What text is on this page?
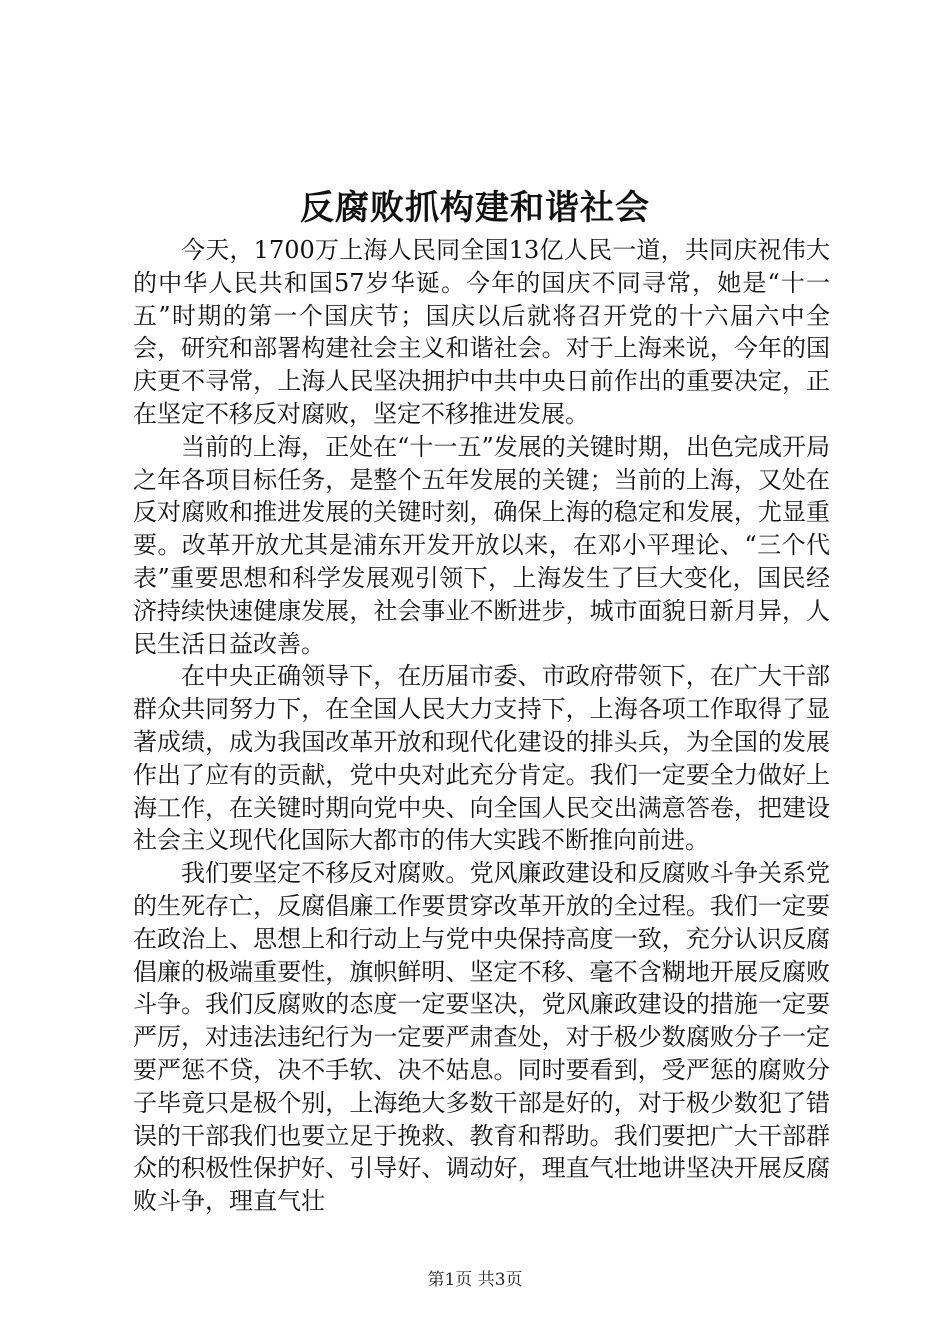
反腐败抓构建和谐社会

今天，1700万上海人民同全国13亿人民一道，共同庆祝伟大的中华人民共和国57岁华诞。今年的国庆不同寻常，她是“十一五”时期的第一个国庆节；国庆以后就将召开党的十六届六中全会，研究和部署构建社会主义和谐社会。对于上海来说，今年的国庆更不寻常，上海人民坚决拥护中共中央日前作出的重要决定，正在坚定不移反对腐败，坚定不移推进发展。

当前的上海，正处在“十一五”发展的关键时期，出色完成开局之年各项目标任务，是整个五年发展的关键；当前的上海，又处在反对腐败和推进发展的关键时刻，确保上海的稳定和发展，尤显重要。改革开放尤其是浦东开发开放以来，在邓小平理论、“三个代表”重要思想和科学发展观引领下，上海发生了巨大变化，国民经济持续快速健康发展，社会事业不断进步，城市面貌日新月异，人民生活日益改善。

在中央正确领导下，在历届市委、市政府带领下，在广大干部群众共同努力下，在全国人民大力支持下，上海各项工作取得了显著成绩，成为我国改革开放和现代化建设的排头兵，为全国的发展作出了应有的贡献，党中央对此充分肯定。我们一定要全力做好上海工作，在关键时期向党中央、向全国人民交出满意答卷，把建设社会主义现代化国际大都市的伟大实践不断推向前进。

我们要坚定不移反对腐败。党风廉政建设和反腐败斗争关系党的生死存亡，反腐倡廉工作要贯穿改革开放的全过程。我们一定要在政治上、思想上和行动上与党中央保持高度一致，充分认识反腐倡廉的极端重要性，旗帜鲜明、坚定不移、毫不含糊地开展反腐败斗争。我们反腐败的态度一定要坚决，党风廉政建设的措施一定要严厉，对违法违纪行为一定要严肃查处，对于极少数腐败分子一定要严惩不贷，决不手软、决不姑息。同时要看到，受严惩的腐败分子毕竟只是极个别，上海绝大多数干部是好的，对于极少数犯了错误的干部我们也要立足于挽救、教育和帮助。我们要把广大干部群众的积极性保护好、引导好、调动好，理直气壮地讲坚决开展反腐败斗争，理直气壮

第1页 共3页
